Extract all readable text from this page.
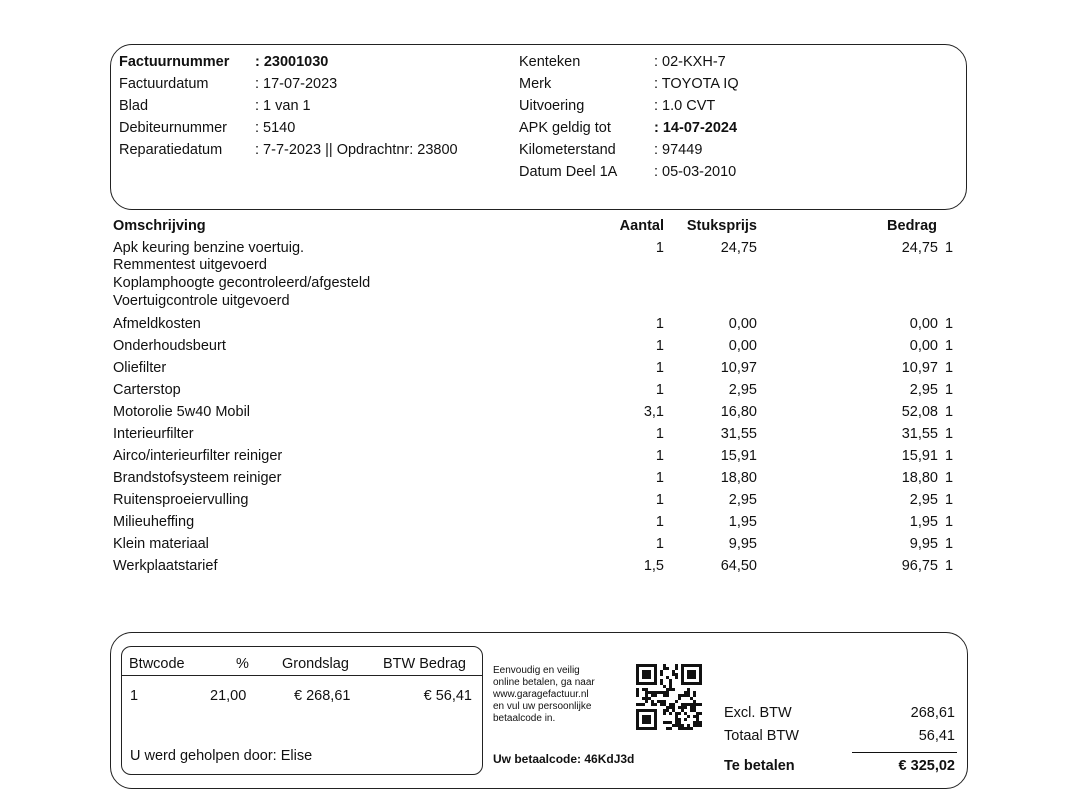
Factuurnummer : 23001030
Factuurdatum	: 17-07-2023
Blad	: 1 van 1
Debiteurnummer : 5140
Reparatiedatum : 7-7-2023 || Opdrachtnr: 23800
Kenteken	: 02-KXH-7
Merk	: TOYOTA IQ
Uitvoering	: 1.0 CVT
APK geldig tot	: 14-07-2024
Kilometerstand	: 97449
Datum Deel 1A	: 05-03-2010
Omschrijving	Aantal Stuksprijs	Bedrag
Apk keuring benzine voertuig.	1	24,75	24,75 1
Remmentest uitgevoerd
Koplamphoogte gecontroleerd/afgesteld
Voertuigcontrole uitgevoerd
Afmeldkosten	1	0,00	0,00 1
Onderhoudsbeurt	1	0,00	0,00 1
Oliefilter	1	10,97	10,97 1
Carterstop	1	2,95	2,95 1
Motorolie 5w40 Mobil	3,1	16,80	52,08 1
Interieurfilter	1	31,55	31,55 1
Airco/interieurfilter reiniger	1	15,91	15,91 1
Brandstofsysteem reiniger	1	18,80	18,80 1
Ruitensproeiervulling	1	2,95	2,95 1
Milieuheffing	1	1,95	1,95 1
Klein materiaal	1	9,95	9,95 1
Werkplaatstarief	1,5	64,50	96,75 1
Btwcode	% Grondslag BTW Bedrag
1	21,00	€ 268,61	€ 56,41
U werd geholpen door: Elise
Eenvoudig en veilig
online betalen, ga naar
www.garagefactuur.nl
en vul uw persoonlijke
betaalcode in.
Uw betaalcode: 46KdJ3d
Excl. BTW	268,61
Totaal BTW	56,41
Te betalen	€ 325,02
